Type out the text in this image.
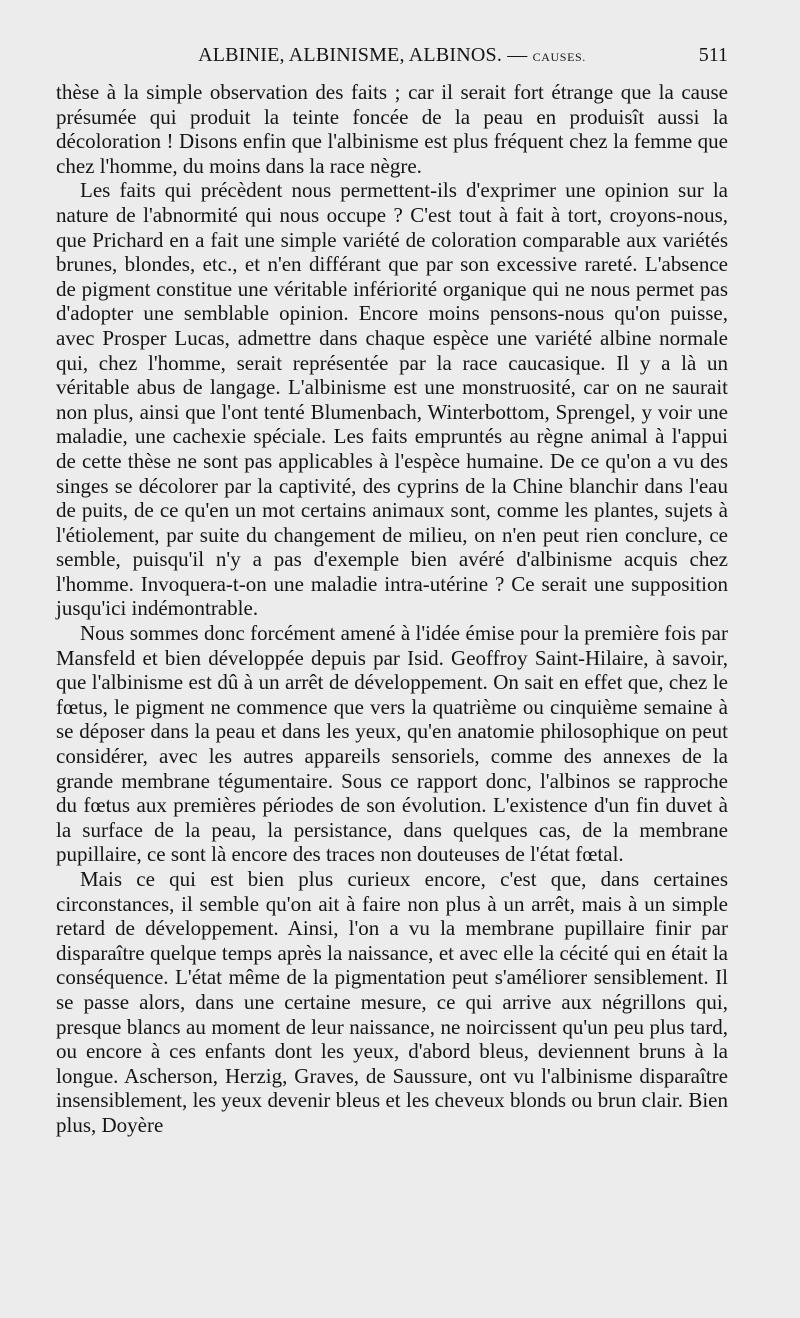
ALBINIE, ALBINISME, ALBINOS. — CAUSES.	511

thèse à la simple observation des faits ; car il serait fort étrange que la cause présumée qui produit la teinte foncée de la peau en produisît aussi la décoloration ! Disons enfin que l'albinisme est plus fréquent chez la femme que chez l'homme, du moins dans la race nègre.

Les faits qui précèdent nous permettent-ils d'exprimer une opinion sur la nature de l'abnormité qui nous occupe ? C'est tout à fait à tort, croyons-nous, que Prichard en a fait une simple variété de coloration comparable aux variétés brunes, blondes, etc., et n'en différant que par son excessive rareté. L'absence de pigment constitue une véritable infériorité organique qui ne nous permet pas d'adopter une semblable opinion. Encore moins pensons-nous qu'on puisse, avec Prosper Lucas, admettre dans chaque espèce une variété albine normale qui, chez l'homme, serait représentée par la race caucasique. Il y a là un véritable abus de langage. L'albinisme est une monstruosité, car on ne saurait non plus, ainsi que l'ont tenté Blumenbach, Winterbottom, Sprengel, y voir une maladie, une cachexie spéciale. Les faits empruntés au règne animal à l'appui de cette thèse ne sont pas applicables à l'espèce humaine. De ce qu'on a vu des singes se décolorer par la captivité, des cyprins de la Chine blanchir dans l'eau de puits, de ce qu'en un mot certains animaux sont, comme les plantes, sujets à l'étiolement, par suite du changement de milieu, on n'en peut rien conclure, ce semble, puisqu'il n'y a pas d'exemple bien avéré d'albinisme acquis chez l'homme. Invoquera-t-on une maladie intra-utérine ? Ce serait une supposition jusqu'ici indémontrable.

Nous sommes donc forcément amené à l'idée émise pour la première fois par Mansfeld et bien développée depuis par Isid. Geoffroy Saint-Hilaire, à savoir, que l'albinisme est dû à un arrêt de développement. On sait en effet que, chez le fœtus, le pigment ne commence que vers la quatrième ou cinquième semaine à se déposer dans la peau et dans les yeux, qu'en anatomie philosophique on peut considérer, avec les autres appareils sensoriels, comme des annexes de la grande membrane tégumentaire. Sous ce rapport donc, l'albinos se rapproche du fœtus aux premières périodes de son évolution. L'existence d'un fin duvet à la surface de la peau, la persistance, dans quelques cas, de la membrane pupillaire, ce sont là encore des traces non douteuses de l'état fœtal.

Mais ce qui est bien plus curieux encore, c'est que, dans certaines circonstances, il semble qu'on ait à faire non plus à un arrêt, mais à un simple retard de développement. Ainsi, l'on a vu la membrane pupillaire finir par disparaître quelque temps après la naissance, et avec elle la cécité qui en était la conséquence. L'état même de la pigmentation peut s'améliorer sensiblement. Il se passe alors, dans une certaine mesure, ce qui arrive aux négrillons qui, presque blancs au moment de leur naissance, ne noircissent qu'un peu plus tard, ou encore à ces enfants dont les yeux, d'abord bleus, deviennent bruns à la longue. Ascherson, Herzig, Graves, de Saussure, ont vu l'albinisme disparaître insensiblement, les yeux devenir bleus et les cheveux blonds ou brun clair. Bien plus, Doyère
